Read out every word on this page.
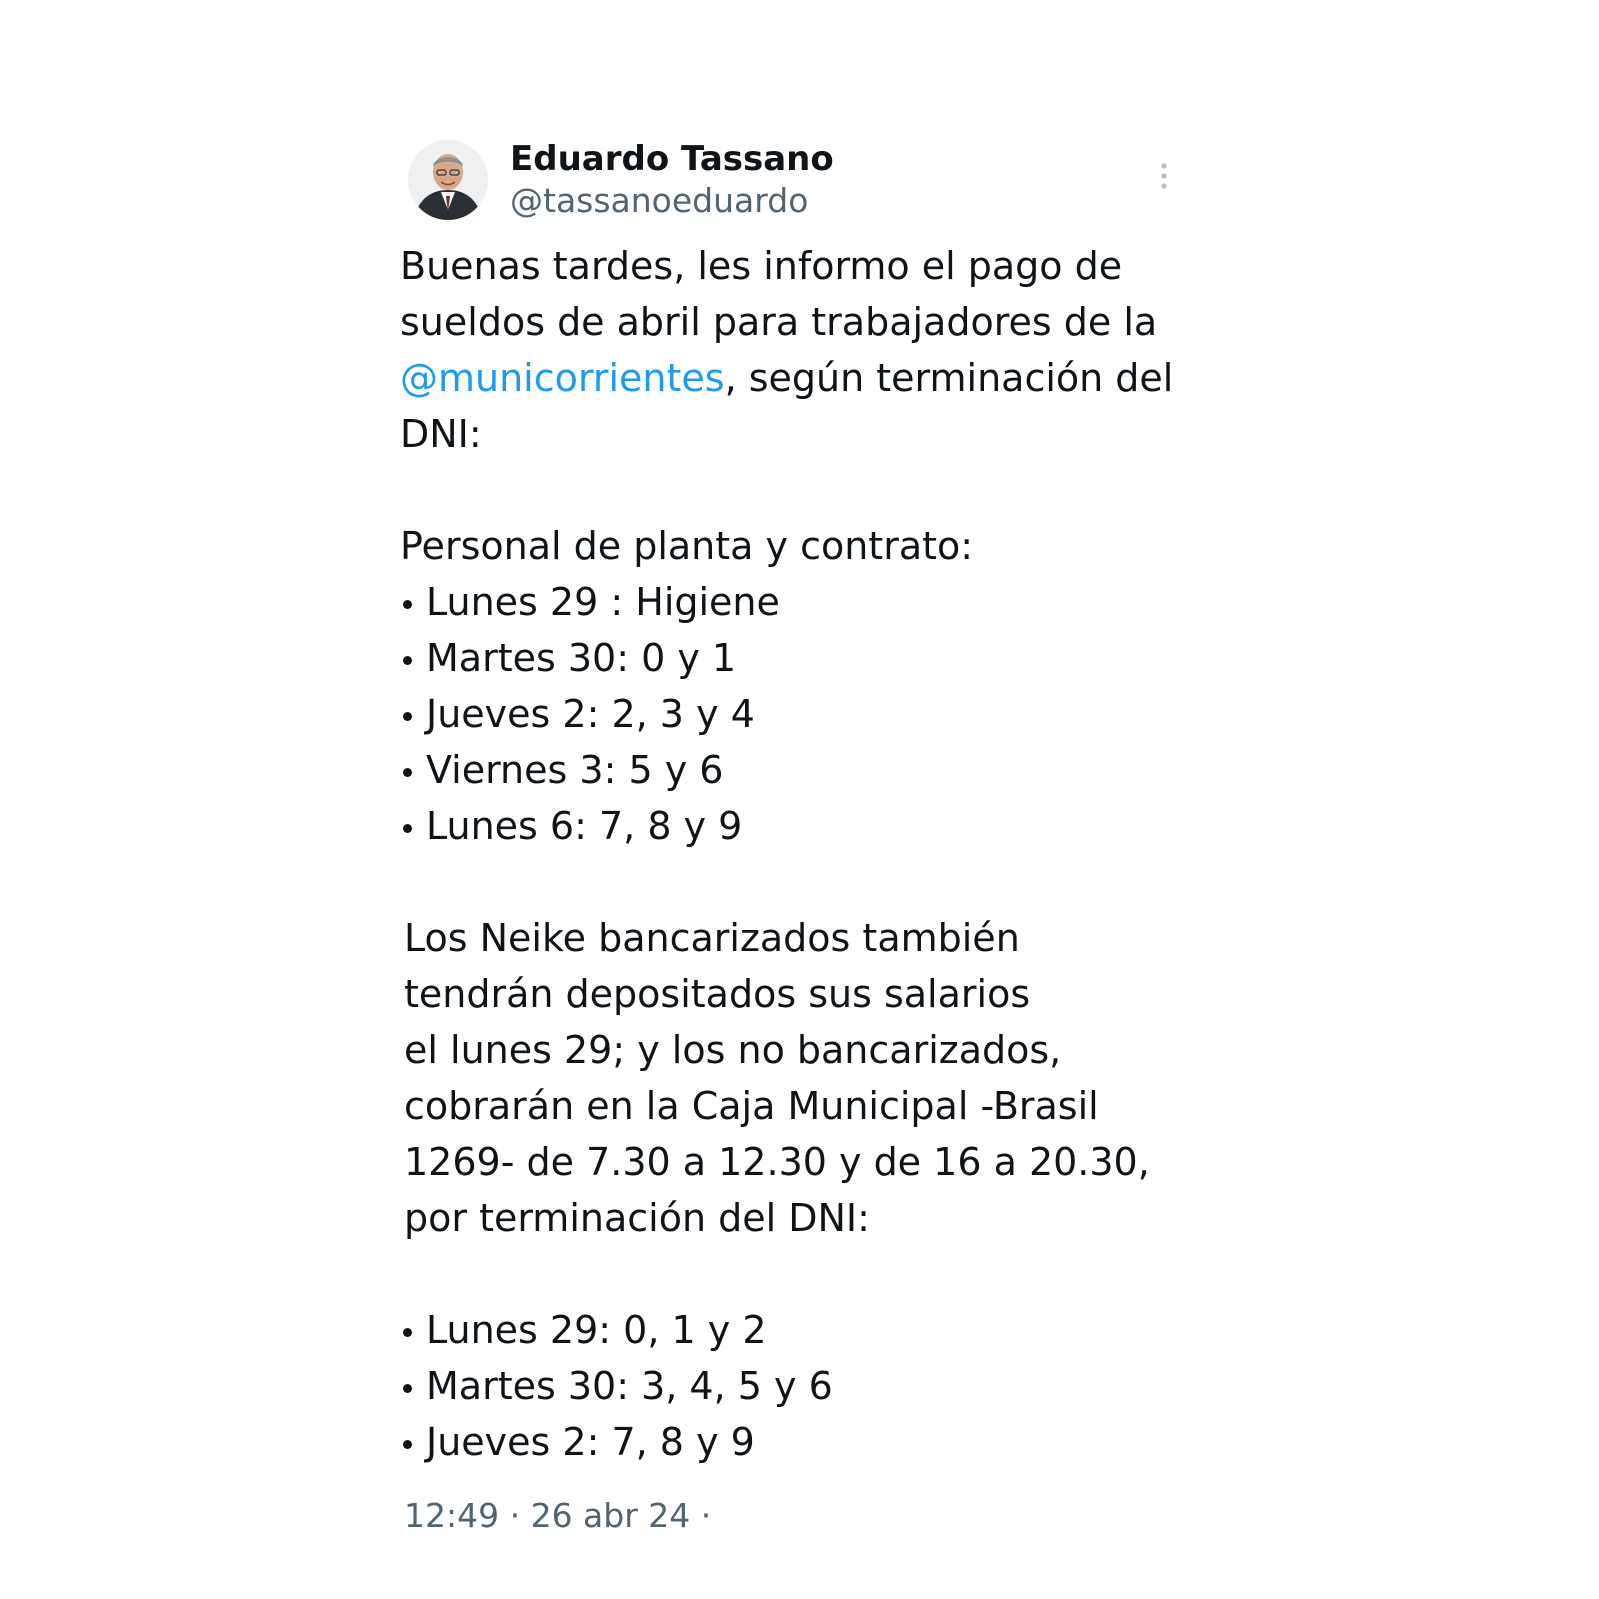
Eduardo Tassano
@tassanoeduardo

Buenas tardes, les informo el pago de sueldos de abril para trabajadores de la @municorrientes, según terminación del DNI:

Personal de planta y contrato:

Lunes 29 : Higiene
Martes 30: 0 y 1
Jueves 2: 2, 3 y 4
Viernes 3: 5 y 6
Lunes 6: 7, 8 y 9

Los Neike bancarizados también

tendrán depositados sus salarios

el lunes 29; y los no bancarizados,

cobrarán en la Caja Municipal -Brasil

1269- de 7.30 a 12.30 y de 16 a 20.30,

por terminación del DNI:

Lunes 29: 0, 1 y 2
Martes 30: 3, 4, 5 y 6
Jueves 2: 7, 8 y 9
12:49 · 26 abr 24 ·
